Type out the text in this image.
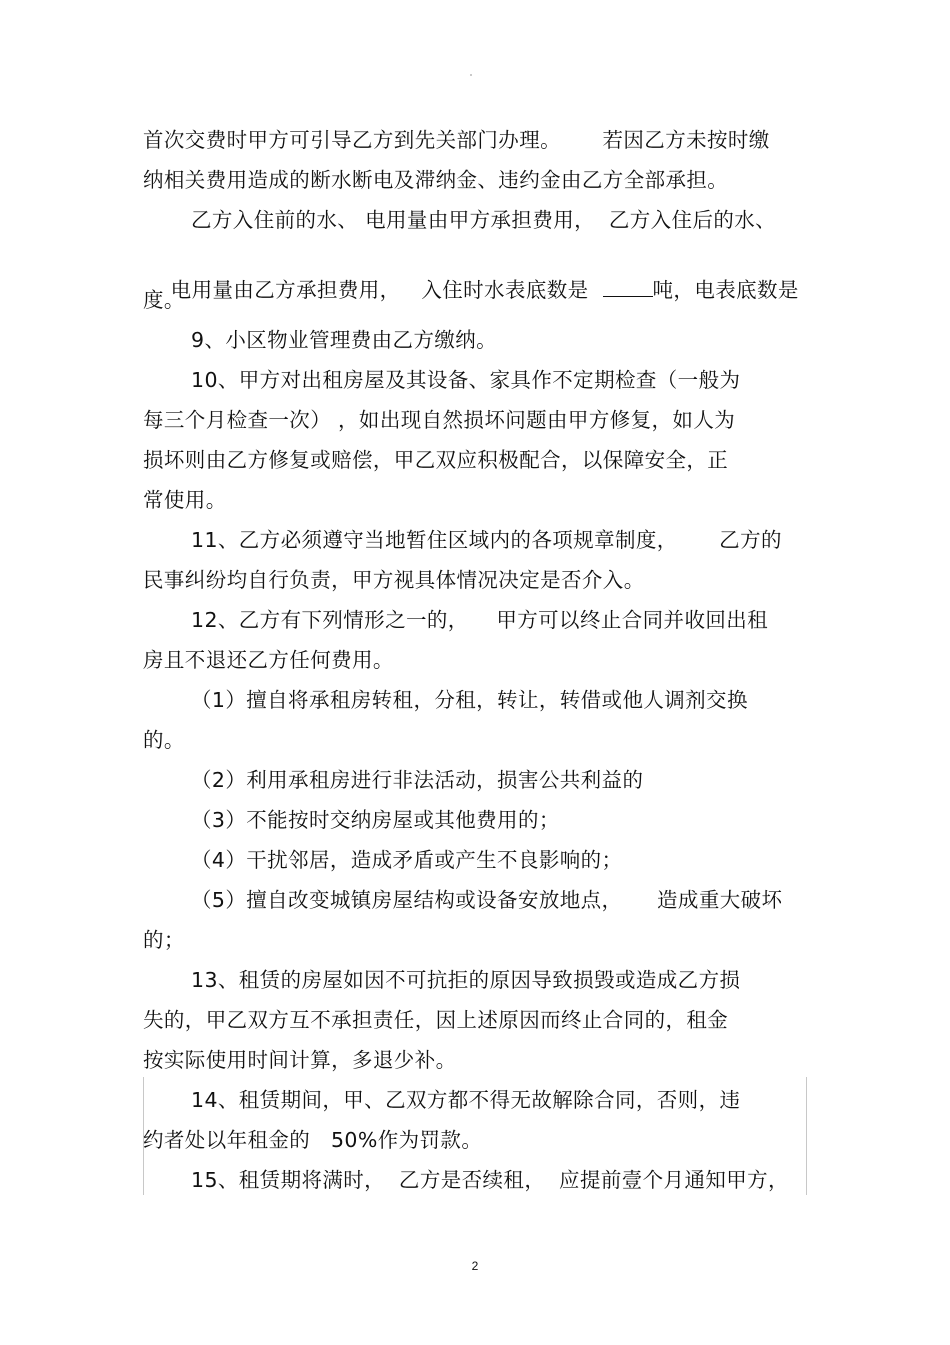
首次交费时甲方可引导乙方到先关部门办理。      若因乙方未按时缴
纳相关费用造成的断水断电及滞纳金、违约金由乙方全部承担。
乙方入住前的水、 电用量由甲方承担费用，  乙方入住后的水、

电用量由乙方承担费用，   入住时水表底数是	吨，电表底数是

度。
9、小区物业管理费由乙方缴纳。
10、甲方对出租房屋及其设备、家具作不定期检查（一般为
每三个月检查一次） ，如出现自然损坏问题由甲方修复，如人为
损坏则由乙方修复或赔偿，甲乙双应积极配合，以保障安全，正
常使用。
11、乙方必须遵守当地暂住区域内的各项规章制度，      乙方的
民事纠纷均自行负责，甲方视具体情况决定是否介入。
12、乙方有下列情形之一的，    甲方可以终止合同并收回出租
房且不退还乙方任何费用。
（1）擅自将承租房转租，分租，转让，转借或他人调剂交换
的。
（2）利用承租房进行非法活动，损害公共利益的
（3）不能按时交纳房屋或其他费用的；
（4）干扰邻居，造成矛盾或产生不良影响的；
（5）擅自改变城镇房屋结构或设备安放地点，     造成重大破坏
的；
13、租赁的房屋如因不可抗拒的原因导致损毁或造成乙方损
失的，甲乙双方互不承担责任，因上述原因而终止合同的，租金
按实际使用时间计算，多退少补。
14、租赁期间，甲、乙双方都不得无故解除合同，否则，违
约者处以年租金的   50%作为罚款。
15、租赁期将满时，  乙方是否续租，  应提前壹个月通知甲方，
2
